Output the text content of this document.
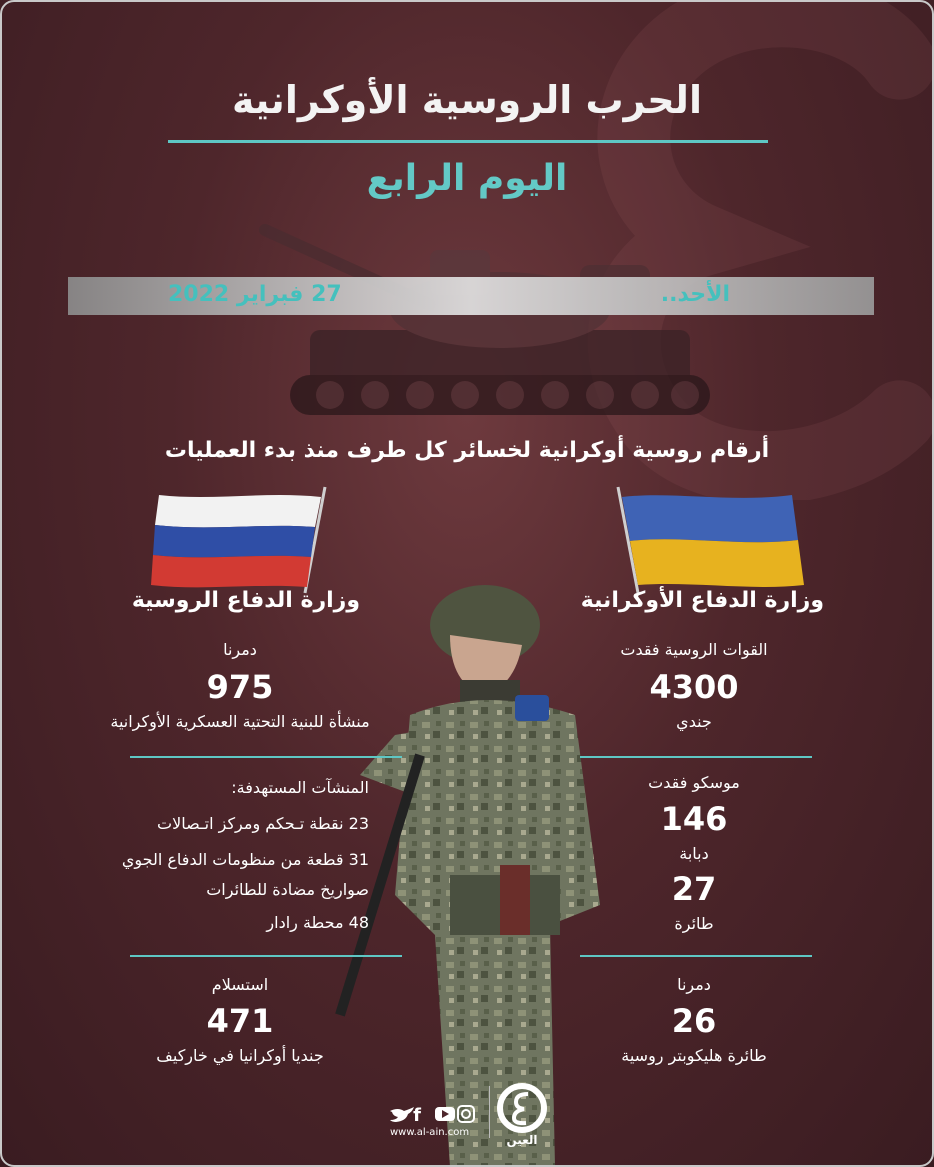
الحرب الروسية الأوكرانية
اليوم الرابع
27 فبراير 2022	الأحد..
أرقام روسية أوكرانية لخسائر كل طرف منذ بدء العمليات
وزارة الدفاع الأوكرانية
وزارة الدفاع الروسية
القوات الروسية فقدت
4300
جندي
موسكو فقدت
146
دبابة
27
طائرة
دمرنا
26
طائرة هليكوبتر روسية
دمرنا
975
منشأة للبنية التحتية العسكرية الأوكرانية
المنشآت المستهدفة:
23 نقطة تـحكم ومركز اتـصالات
31 قطعة من منظومات الدفاع الجوي
صواريخ مضادة للطائرات
48 محطة رادار
استسلام
471
جنديا أوكرانيا في خاركيف
f
www.al-ain.com
العين
